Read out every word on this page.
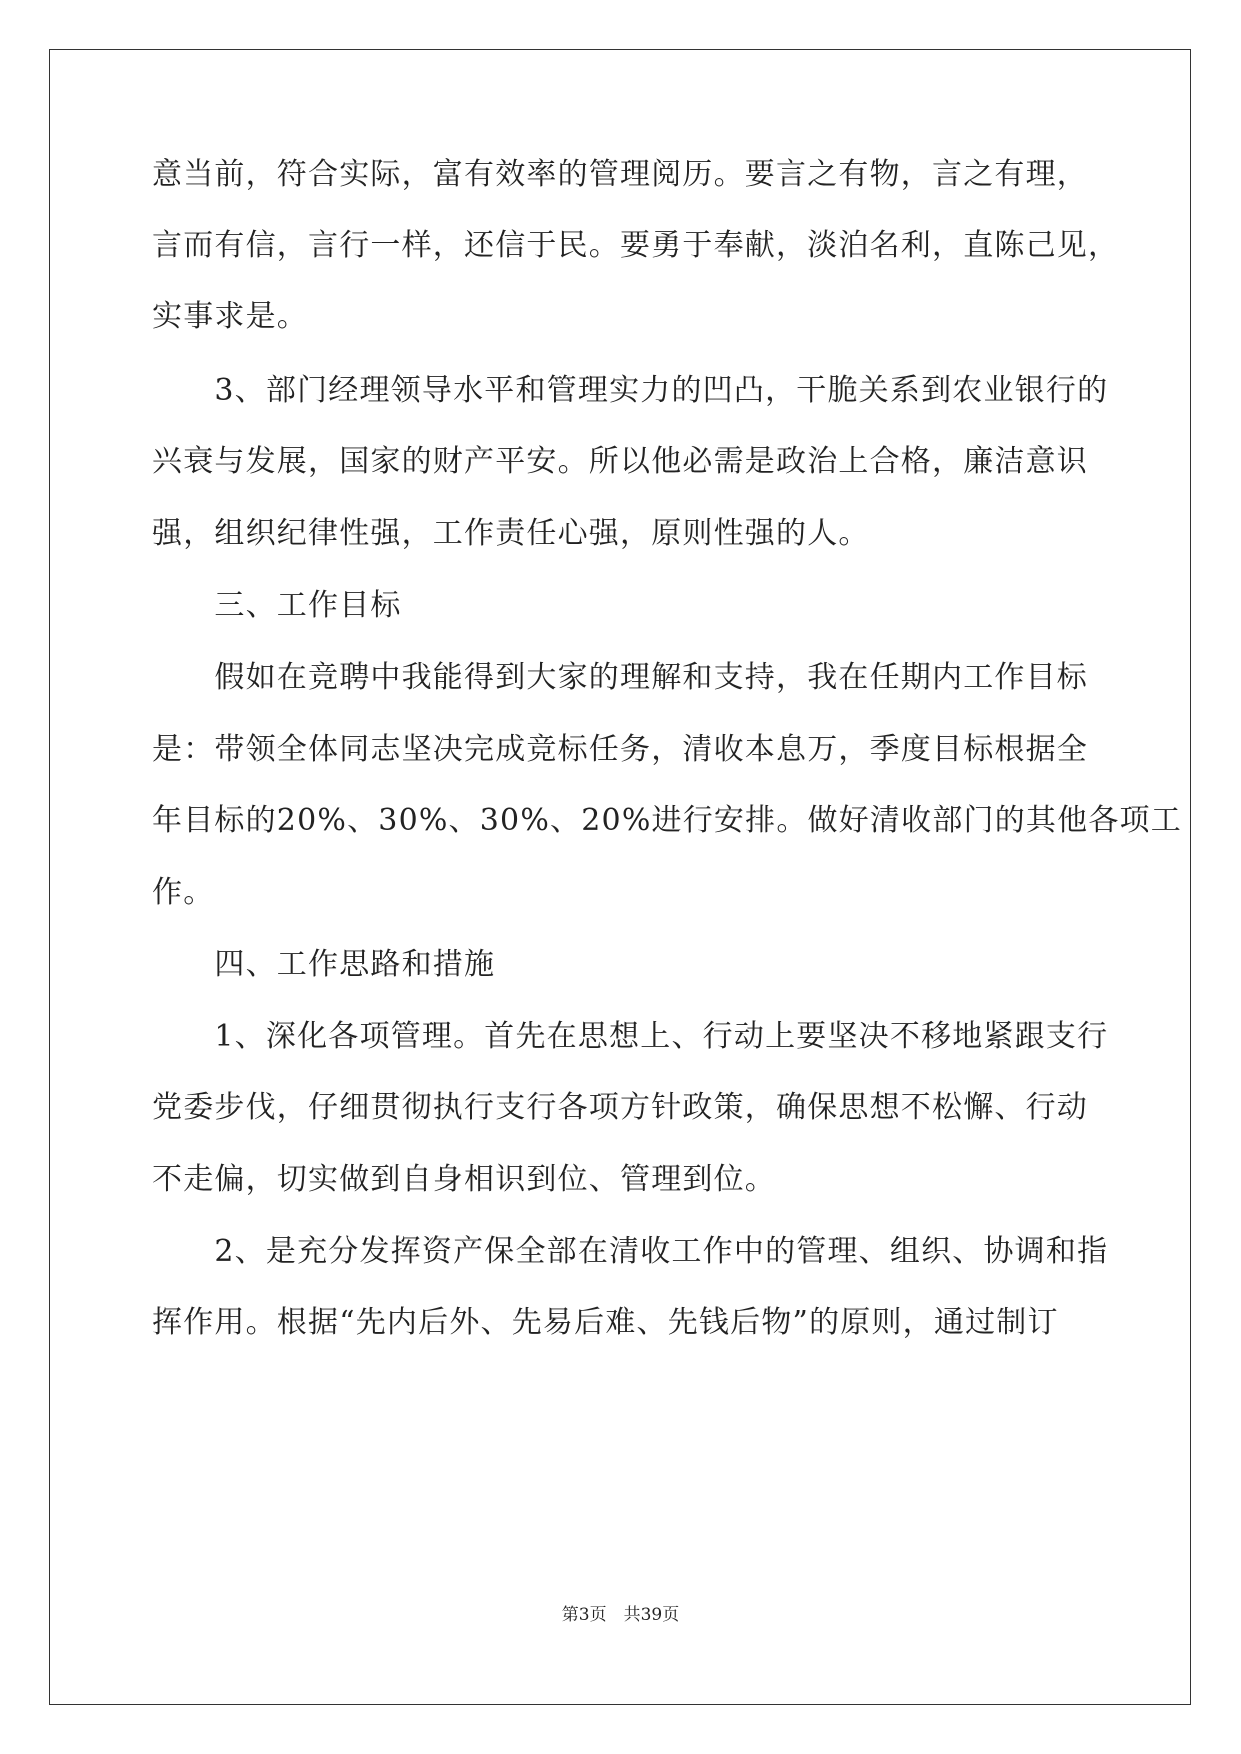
意当前，符合实际，富有效率的管理阅历。要言之有物，言之有理，
言而有信，言行一样，还信于民。要勇于奉献，淡泊名利，直陈己见，
实事求是。
　　3、部门经理领导水平和管理实力的凹凸，干脆关系到农业银行的
兴衰与发展，国家的财产平安。所以他必需是政治上合格，廉洁意识
强，组织纪律性强，工作责任心强，原则性强的人。
　　三、工作目标
　　假如在竞聘中我能得到大家的理解和支持，我在任期内工作目标
是：带领全体同志坚决完成竞标任务，清收本息万，季度目标根据全
年目标的20%、30%、30%、20%进行安排。做好清收部门的其他各项工
作。
　　四、工作思路和措施
　　1、深化各项管理。首先在思想上、行动上要坚决不移地紧跟支行
党委步伐，仔细贯彻执行支行各项方针政策，确保思想不松懈、行动
不走偏，切实做到自身相识到位、管理到位。
　　2、是充分发挥资产保全部在清收工作中的管理、组织、协调和指
挥作用。根据“先内后外、先易后难、先钱后物”的原则，通过制订
第3页　共39页
